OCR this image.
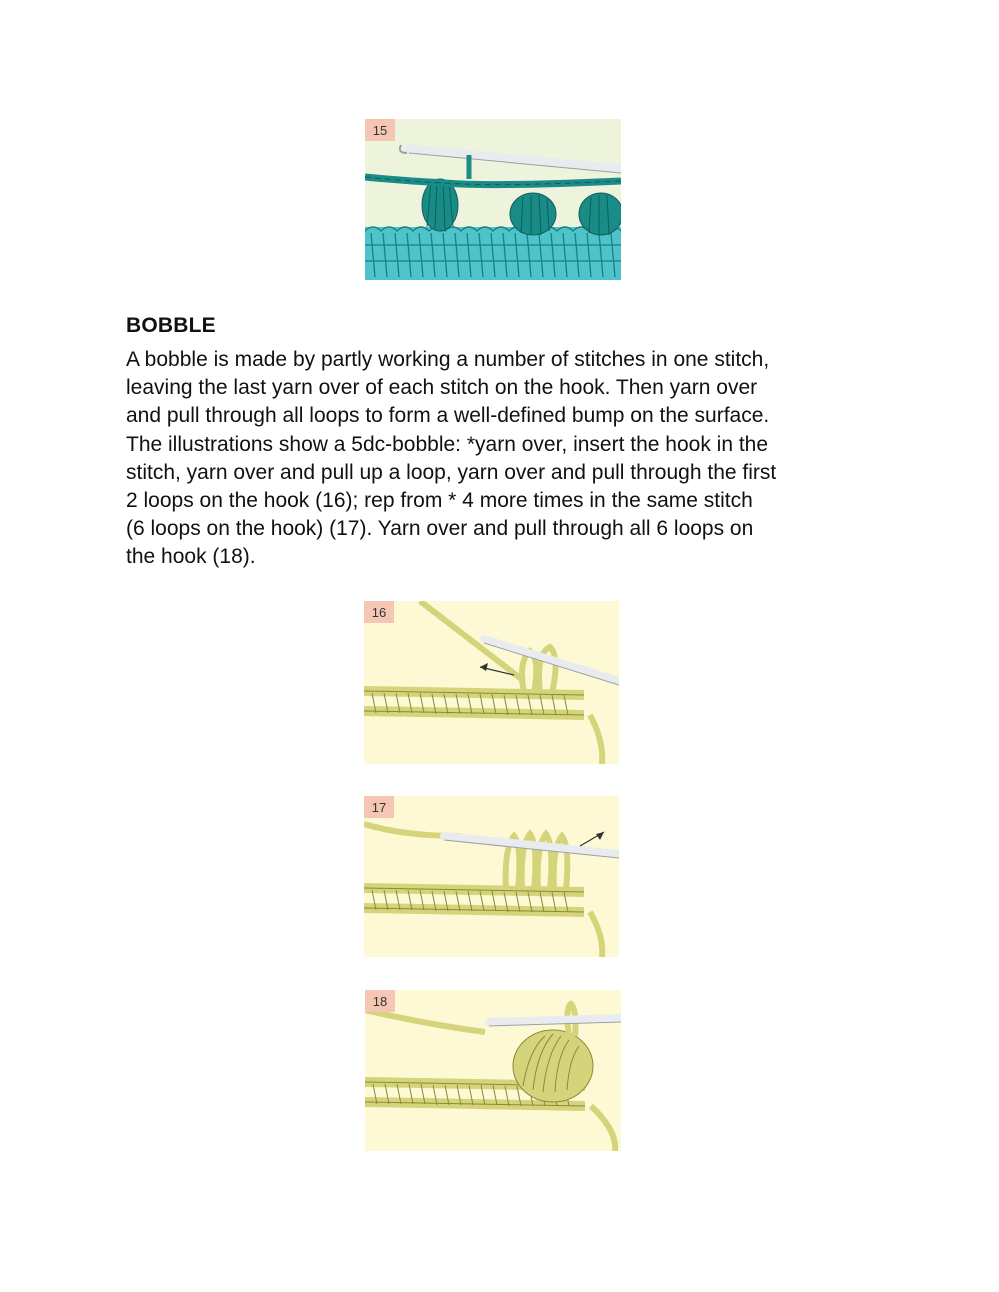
15
BOBBLE
A bobble is made by partly working a number of stitches in one stitch,
leaving the last yarn over of each stitch on the hook. Then yarn over
and pull through all loops to form a well-defined bump on the surface.
The illustrations show a 5dc-bobble: *yarn over, insert the hook in the
stitch, yarn over and pull up a loop, yarn over and pull through the first
2 loops on the hook (16); rep from * 4 more times in the same stitch
(6 loops on the hook) (17). Yarn over and pull through all 6 loops on
the hook (18).
16
17
18
